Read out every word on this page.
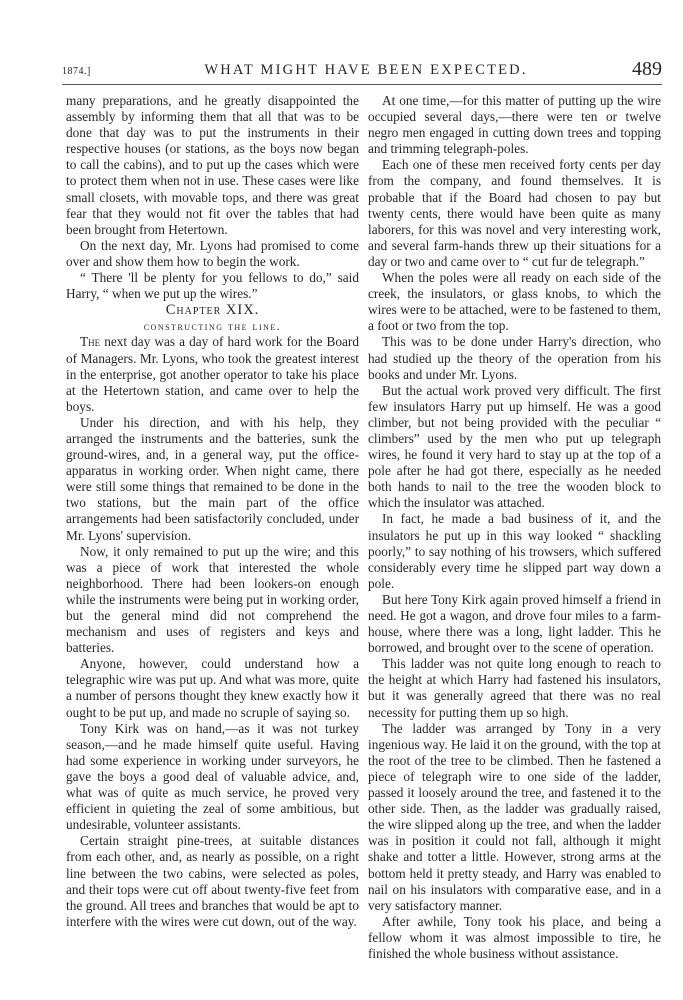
1874.]	WHAT MIGHT HAVE BEEN EXPECTED.	489

many preparations, and he greatly disappointed the assembly by informing them that all that was to be done that day was to put the instruments in their respective houses (or stations, as the boys now began to call the cabins), and to put up the cases which were to protect them when not in use. These cases were like small closets, with movable tops, and there was great fear that they would not fit over the tables that had been brought from Hetertown.

On the next day, Mr. Lyons had promised to come over and show them how to begin the work.

“ There 'll be plenty for you fellows to do,” said Harry, “ when we put up the wires.”

Chapter XIX.

constructing the line.

The next day was a day of hard work for the Board of Managers. Mr. Lyons, who took the greatest interest in the enterprise, got another operator to take his place at the Hetertown station, and came over to help the boys.

Under his direction, and with his help, they arranged the instruments and the batteries, sunk the ground-wires, and, in a general way, put the office-apparatus in working order. When night came, there were still some things that remained to be done in the two stations, but the main part of the office arrangements had been satisfactorily concluded, under Mr. Lyons' supervision.

Now, it only remained to put up the wire; and this was a piece of work that interested the whole neighborhood. There had been lookers-on enough while the instruments were being put in working order, but the general mind did not comprehend the mechanism and uses of registers and keys and batteries.

Anyone, however, could understand how a telegraphic wire was put up. And what was more, quite a number of persons thought they knew exactly how it ought to be put up, and made no scruple of saying so.

Tony Kirk was on hand,—as it was not turkey season,—and he made himself quite useful. Having had some experience in working under surveyors, he gave the boys a good deal of valuable advice, and, what was of quite as much service, he proved very efficient in quieting the zeal of some ambitious, but undesirable, volunteer assistants.

Certain straight pine-trees, at suitable distances from each other, and, as nearly as possible, on a right line between the two cabins, were selected as poles, and their tops were cut off about twenty-five feet from the ground. All trees and branches that would be apt to interfere with the wires were cut down, out of the way.

At one time,—for this matter of putting up the wire occupied several days,—there were ten or twelve negro men engaged in cutting down trees and topping and trimming telegraph-poles.

Each one of these men received forty cents per day from the company, and found themselves. It is probable that if the Board had chosen to pay but twenty cents, there would have been quite as many laborers, for this was novel and very interesting work, and several farm-hands threw up their situations for a day or two and came over to “ cut fur de telegraph.”

When the poles were all ready on each side of the creek, the insulators, or glass knobs, to which the wires were to be attached, were to be fastened to them, a foot or two from the top.

This was to be done under Harry's direction, who had studied up the theory of the operation from his books and under Mr. Lyons.

But the actual work proved very difficult. The first few insulators Harry put up himself. He was a good climber, but not being provided with the peculiar “ climbers” used by the men who put up telegraph wires, he found it very hard to stay up at the top of a pole after he had got there, especially as he needed both hands to nail to the tree the wooden block to which the insulator was attached.

In fact, he made a bad business of it, and the insulators he put up in this way looked “ shackling poorly,” to say nothing of his trowsers, which suffered considerably every time he slipped part way down a pole.

But here Tony Kirk again proved himself a friend in need. He got a wagon, and drove four miles to a farm-house, where there was a long, light ladder. This he borrowed, and brought over to the scene of operation.

This ladder was not quite long enough to reach to the height at which Harry had fastened his insulators, but it was generally agreed that there was no real necessity for putting them up so high.

The ladder was arranged by Tony in a very ingenious way. He laid it on the ground, with the top at the root of the tree to be climbed. Then he fastened a piece of telegraph wire to one side of the ladder, passed it loosely around the tree, and fastened it to the other side. Then, as the ladder was gradually raised, the wire slipped along up the tree, and when the ladder was in position it could not fall, although it might shake and totter a little. However, strong arms at the bottom held it pretty steady, and Harry was enabled to nail on his insulators with comparative ease, and in a very satisfactory manner.

After awhile, Tony took his place, and being a fellow whom it was almost impossible to tire, he finished the whole business without assistance.
